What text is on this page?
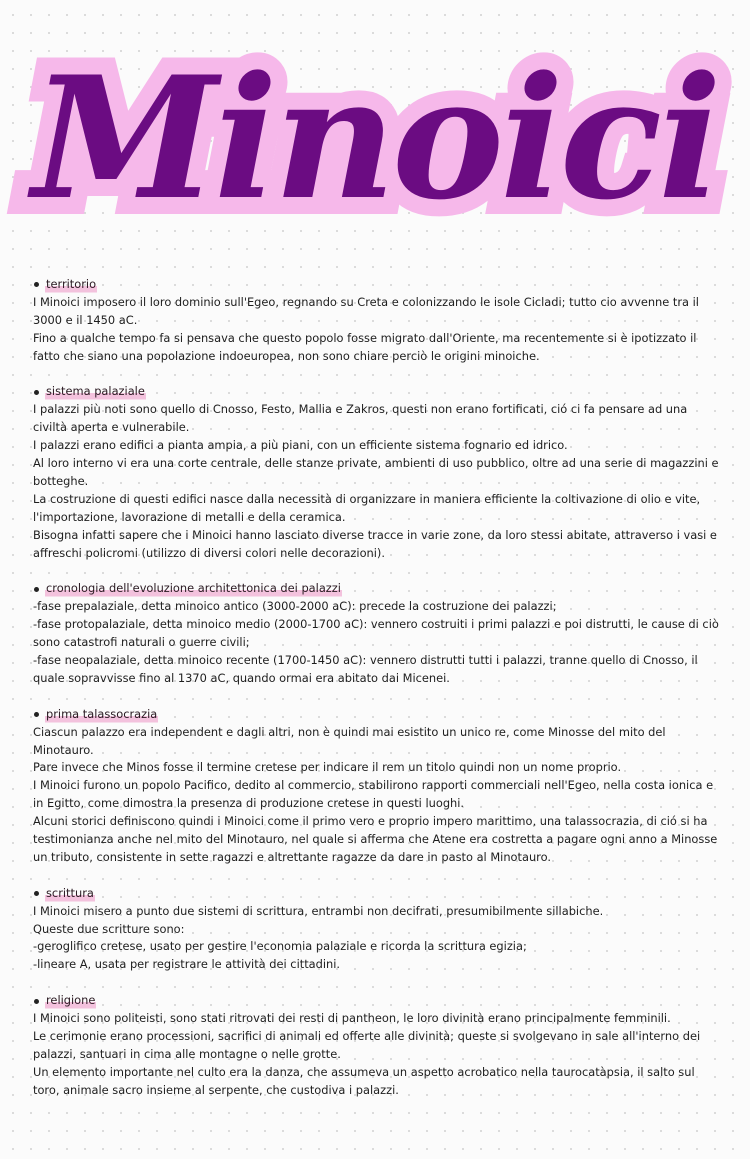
Minoici
territorio

I Minoici imposero il loro dominio sull'Egeo, regnando su Creta e colonizzando le isole Cicladi; tutto cio avvenne tra il 3000 e il 1450 aC.

Fino a qualche tempo fa si pensava che questo popolo fosse migrato dall'Oriente, ma recentemente si è ipotizzato il fatto che siano una popolazione indoeuropea, non sono chiare perciò le origini minoiche.

sistema palaziale

I palazzi più noti sono quello di Cnosso, Festo, Mallia e Zakros, questi non erano fortificati, ció ci fa pensare ad una civiltà aperta e vulnerabile.

I palazzi erano edifici a pianta ampia, a più piani, con un efficiente sistema fognario ed idrico.

Al loro interno vi era una corte centrale, delle stanze private, ambienti di uso pubblico, oltre ad una serie di magazzini e botteghe.

La costruzione di questi edifici nasce dalla necessità di organizzare in maniera efficiente la coltivazione di olio e vite, l'importazione, lavorazione di metalli e della ceramica.

Bisogna infatti sapere che i Minoici hanno lasciato diverse tracce in varie zone, da loro stessi abitate, attraverso i vasi e affreschi policromi (utilizzo di diversi colori nelle decorazioni).

cronologia dell'evoluzione architettonica dei palazzi

-fase prepalaziale, detta minoico antico (3000-2000 aC): precede la costruzione dei palazzi;

-fase protopalaziale, detta minoico medio (2000-1700 aC): vennero costruiti i primi palazzi e poi distrutti, le cause di ciò sono catastrofi naturali o guerre civili;

-fase neopalaziale, detta minoico recente (1700-1450 aC): vennero distrutti tutti i palazzi, tranne quello di Cnosso, il quale sopravvisse fino al 1370 aC, quando ormai era abitato dai Micenei.

prima talassocrazia

Ciascun palazzo era independent e dagli altri, non è quindi mai esistito un unico re, come Minosse del mito del Minotauro.

Pare invece che Minos fosse il termine cretese per indicare il rem un titolo quindi non un nome proprio.

I Minoici furono un popolo Pacifico, dedito al commercio, stabilirono rapporti commerciali nell'Egeo, nella costa ionica e in Egitto, come dimostra la presenza di produzione cretese in questi luoghi.

Alcuni storici definiscono quindi i Minoici come il primo vero e proprio impero marittimo, una talassocrazia, di ció si ha testimonianza anche nel mito del Minotauro, nel quale si afferma che Atene era costretta a pagare ogni anno a Minosse un tributo, consistente in sette ragazzi e altrettante ragazze da dare in pasto al Minotauro.

scrittura

I Minoici misero a punto due sistemi di scrittura, entrambi non decifrati, presumibilmente sillabiche.

Queste due scritture sono:

-geroglifico cretese, usato per gestire l'economia palaziale e ricorda la scrittura egizia;

-lineare A, usata per registrare le attività dei cittadini.

religione

I Minoici sono politeisti, sono stati ritrovati dei resti di pantheon, le loro divinità erano principalmente femminili.

Le cerimonie erano processioni, sacrifici di animali ed offerte alle divinità; queste si svolgevano in sale all'interno dei palazzi, santuari in cima alle montagne o nelle grotte.

Un elemento importante nel culto era la danza, che assumeva un aspetto acrobatico nella taurocatàpsia, il salto sul toro, animale sacro insieme al serpente, che custodiva i palazzi.
